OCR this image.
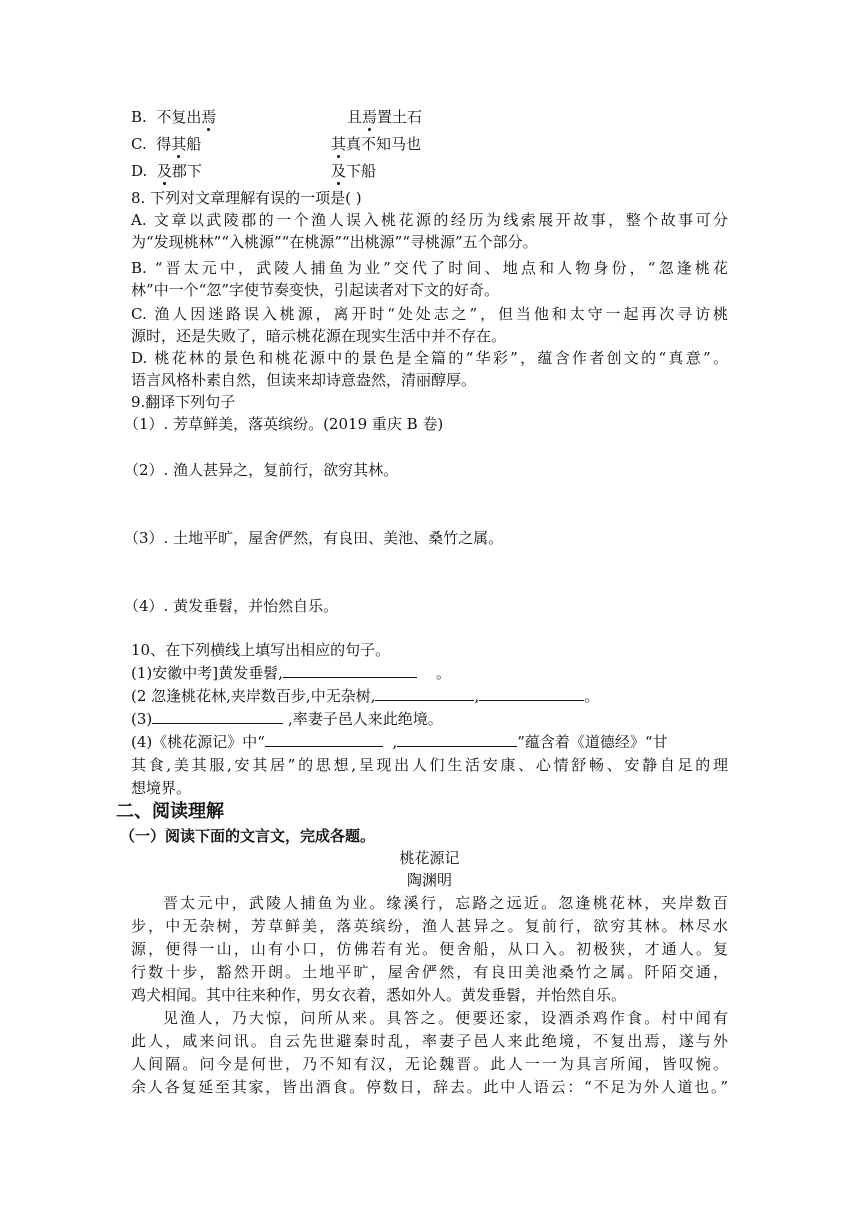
B. 不复出焉	且焉置土石
C. 得其船	其真不知马也
D. 及郡下	及下船
8. 下列对文章理解有误的一项是( )
A. 文章以武陵郡的一个渔人误入桃花源的经历为线索展开故事，整个故事可分
为“发现桃林”“入桃源”“在桃源”“出桃源”“寻桃源”五个部分。
B. “晋太元中，武陵人捕鱼为业”交代了时间、地点和人物身份，“忽逢桃花
林”中一个“忽”字使节奏变快，引起读者对下文的好奇。
C. 渔人因迷路误入桃源，离开时“处处志之”，但当他和太守一起再次寻访桃
源时，还是失败了，暗示桃花源在现实生活中并不存在。
D. 桃花林的景色和桃花源中的景色是全篇的“华彩”，蕴含作者创文的“真意”。
语言风格朴素自然，但读来却诗意盎然，清丽醇厚。
9.翻译下列句子
（1）. 芳草鲜美，落英缤纷。(2019 重庆 B 卷)
（2）. 渔人甚异之，复前行，欲穷其林。
（3）. 土地平旷，屋舍俨然，有良田、美池、桑竹之属。
（4）. 黄发垂髫，并怡然自乐。
10、在下列横线上填写出相应的句子。
(1)安徽中考]黄发垂髫,	。
(2 忽逢桃花林,夹岸数百步,中无杂树,	,	。
(3)	,率妻子邑人来此绝境。
(4)《桃花源记》中“	,	”蕴含着《道德经》“甘
其食,美其服,安其居”的思想,呈现出人们生活安康、心情舒畅、安静自足的理
想境界。
二、阅读理解
（一）阅读下面的文言文，完成各题。
桃花源记
陶渊明
晋太元中，武陵人捕鱼为业。缘溪行，忘路之远近。忽逢桃花林，夹岸数百
步，中无杂树，芳草鲜美，落英缤纷，渔人甚异之。复前行，欲穷其林。林尽水
源，便得一山，山有小口，仿佛若有光。便舍船，从口入。初极狭，才通人。复
行数十步，豁然开朗。土地平旷，屋舍俨然，有良田美池桑竹之属。阡陌交通，
鸡犬相闻。其中往来种作，男女衣着，悉如外人。黄发垂髫，并怡然自乐。
见渔人，乃大惊，问所从来。具答之。便要还家，设酒杀鸡作食。村中闻有
此人，咸来问讯。自云先世避秦时乱，率妻子邑人来此绝境，不复出焉，遂与外
人间隔。问今是何世，乃不知有汉，无论魏晋。此人一一为具言所闻，皆叹惋。
余人各复延至其家，皆出酒食。停数日，辞去。此中人语云：“不足为外人道也。”
